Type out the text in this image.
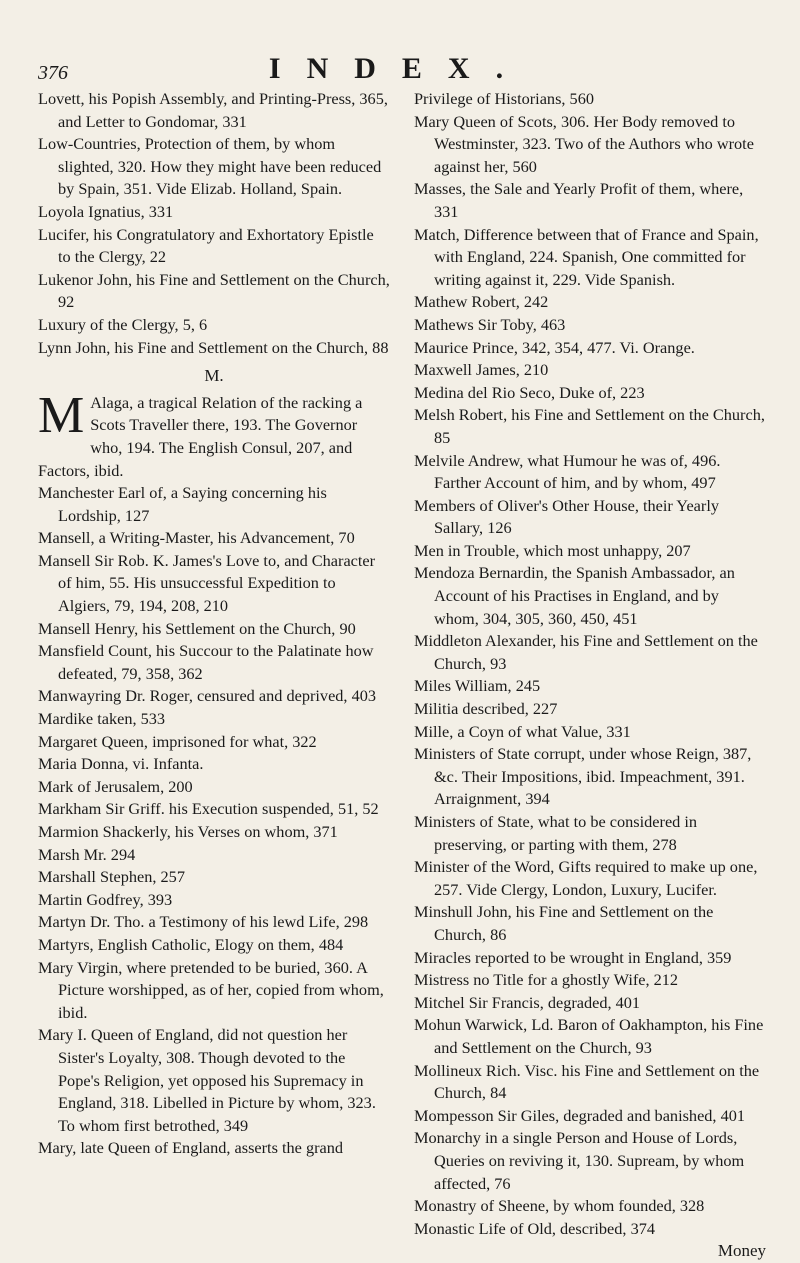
376	INDEX.

Lovett, his Popish Assembly, and Printing-Press, 365, and Letter to Gondomar, 331

Low-Countries, Protection of them, by whom slighted, 320. How they might have been reduced by Spain, 351. Vide Elizab. Holland, Spain.

Loyola Ignatius, 331

Lucifer, his Congratulatory and Exhortatory Epistle to the Clergy, 22

Lukenor John, his Fine and Settlement on the Church, 92

Luxury of the Clergy, 5, 6

Lynn John, his Fine and Settlement on the Church, 88

M.

M Alaga, a tragical Relation of the racking a Scots Traveller there, 193. The Governor who, 194. The English Consul, 207, and Factors, ibid.

Manchester Earl of, a Saying concerning his Lordship, 127

Mansell, a Writing-Master, his Advancement, 70

Mansell Sir Rob. K. James's Love to, and Character of him, 55. His unsuccessful Expedition to Algiers, 79, 194, 208, 210

Mansell Henry, his Settlement on the Church, 90

Mansfield Count, his Succour to the Palatinate how defeated, 79, 358, 362

Manwayring Dr. Roger, censured and deprived, 403

Mardike taken, 533

Margaret Queen, imprisoned for what, 322

Maria Donna, vi. Infanta.

Mark of Jerusalem, 200

Markham Sir Griff. his Execution suspended, 51, 52

Marmion Shackerly, his Verses on whom, 371

Marsh Mr. 294

Marshall Stephen, 257

Martin Godfrey, 393

Martyn Dr. Tho. a Testimony of his lewd Life, 298

Martyrs, English Catholic, Elogy on them, 484

Mary Virgin, where pretended to be buried, 360. A Picture worshipped, as of her, copied from whom, ibid.

Mary I. Queen of England, did not question her Sister's Loyalty, 308. Though devoted to the Pope's Religion, yet opposed his Supremacy in England, 318. Libelled in Picture by whom, 323. To whom first betrothed, 349

Mary, late Queen of England, asserts the grand

Privilege of Historians, 560

Mary Queen of Scots, 306. Her Body removed to Westminster, 323. Two of the Authors who wrote against her, 560

Masses, the Sale and Yearly Profit of them, where, 331

Match, Difference between that of France and Spain, with England, 224. Spanish, One committed for writing against it, 229. Vide Spanish.

Mathew Robert, 242

Mathews Sir Toby, 463

Maurice Prince, 342, 354, 477. Vi. Orange.

Maxwell James, 210

Medina del Rio Seco, Duke of, 223

Melsh Robert, his Fine and Settlement on the Church, 85

Melvile Andrew, what Humour he was of, 496. Farther Account of him, and by whom, 497

Members of Oliver's Other House, their Yearly Sallary, 126

Men in Trouble, which most unhappy, 207

Mendoza Bernardin, the Spanish Ambassador, an Account of his Practises in England, and by whom, 304, 305, 360, 450, 451

Middleton Alexander, his Fine and Settlement on the Church, 93

Miles William, 245

Militia described, 227

Mille, a Coyn of what Value, 331

Ministers of State corrupt, under whose Reign, 387, &c. Their Impositions, ibid. Impeachment, 391. Arraignment, 394

Ministers of State, what to be considered in preserving, or parting with them, 278

Minister of the Word, Gifts required to make up one, 257. Vide Clergy, London, Luxury, Lucifer.

Minshull John, his Fine and Settlement on the Church, 86

Miracles reported to be wrought in England, 359

Mistress no Title for a ghostly Wife, 212

Mitchel Sir Francis, degraded, 401

Mohun Warwick, Ld. Baron of Oakhampton, his Fine and Settlement on the Church, 93

Mollineux Rich. Visc. his Fine and Settlement on the Church, 84

Mompesson Sir Giles, degraded and banished, 401

Monarchy in a single Person and House of Lords, Queries on reviving it, 130. Supream, by whom affected, 76

Monastry of Sheene, by whom founded, 328

Monastic Life of Old, described, 374

Money
